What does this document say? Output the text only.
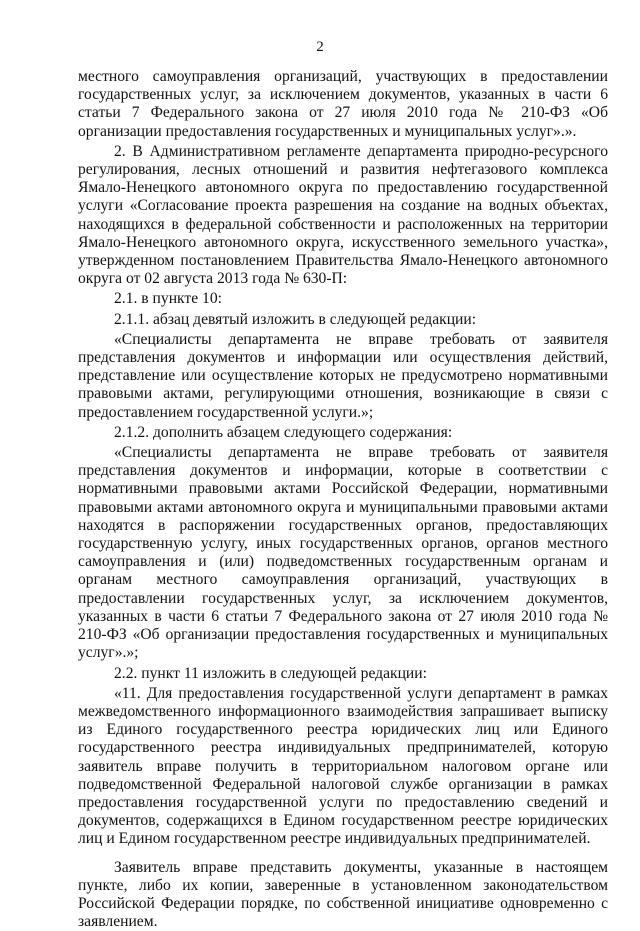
2

местного самоуправления организаций, участвующих в предоставлении государственных услуг, за исключением документов, указанных в части 6 статьи 7 Федерального закона от 27 июля 2010 года № 210-ФЗ «Об организации предоставления государственных и муниципальных услуг».».

2. В Административном регламенте департамента природно-ресурсного регулирования, лесных отношений и развития нефтегазового комплекса Ямало-Ненецкого автономного округа по предоставлению государственной услуги «Согласование проекта разрешения на создание на водных объектах, находящихся в федеральной собственности и расположенных на территории Ямало-Ненецкого автономного округа, искусственного земельного участка», утвержденном постановлением Правительства Ямало-Ненецкого автономного округа от 02 августа 2013 года № 630-П:

2.1. в пункте 10:

2.1.1. абзац девятый изложить в следующей редакции:

«Специалисты департамента не вправе требовать от заявителя представления документов и информации или осуществления действий, представление или осуществление которых не предусмотрено нормативными правовыми актами, регулирующими отношения, возникающие в связи с предоставлением государственной услуги.»;

2.1.2. дополнить абзацем следующего содержания:

«Специалисты департамента не вправе требовать от заявителя представления документов и информации, которые в соответствии с нормативными правовыми актами Российской Федерации, нормативными правовыми актами автономного округа и муниципальными правовыми актами находятся в распоряжении государственных органов, предоставляющих государственную услугу, иных государственных органов, органов местного самоуправления и (или) подведомственных государственным органам и органам местного самоуправления организаций, участвующих в предоставлении государственных услуг, за исключением документов, указанных в части 6 статьи 7 Федерального закона от 27 июля 2010 года № 210-ФЗ «Об организации предоставления государственных и муниципальных услуг».»;

2.2. пункт 11 изложить в следующей редакции:

«11. Для предоставления государственной услуги департамент в рамках межведомственного информационного взаимодействия запрашивает выписку из Единого государственного реестра юридических лиц или Единого государственного реестра индивидуальных предпринимателей, которую заявитель вправе получить в территориальном налоговом органе или подведомственной Федеральной налоговой службе организации в рамках предоставления государственной услуги по предоставлению сведений и документов, содержащихся в Едином государственном реестре юридических лиц и Едином государственном реестре индивидуальных предпринимателей.

Заявитель вправе представить документы, указанные в настоящем пункте, либо их копии, заверенные в установленном законодательством Российской Федерации порядке, по собственной инициативе одновременно с заявлением.
